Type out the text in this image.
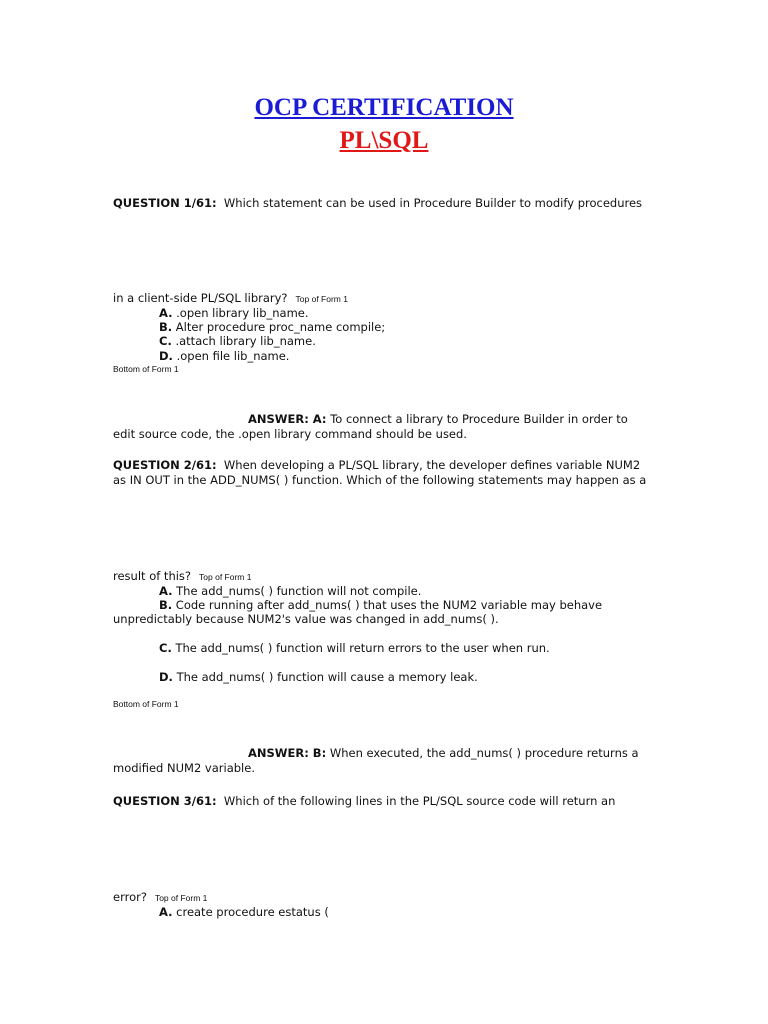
OCP CERTIFICATION
PL\SQL
QUESTION 1/61: Which statement can be used in Procedure Builder to modify procedures
in a client-side PL/SQL library? Top of Form 1
A. .open library lib_name.
B. Alter procedure proc_name compile;
C. .attach library lib_name.
D. .open file lib_name.
Bottom of Form 1
ANSWER: A: To connect a library to Procedure Builder in order to
edit source code, the .open library command should be used.
QUESTION 2/61: When developing a PL/SQL library, the developer defines variable NUM2
as IN OUT in the ADD_NUMS( ) function. Which of the following statements may happen as a
result of this? Top of Form 1
A. The add_nums( ) function will not compile.
B. Code running after add_nums( ) that uses the NUM2 variable may behave
unpredictably because NUM2's value was changed in add_nums( ).
C. The add_nums( ) function will return errors to the user when run.
D. The add_nums( ) function will cause a memory leak.
Bottom of Form 1
ANSWER: B: When executed, the add_nums( ) procedure returns a
modified NUM2 variable.
QUESTION 3/61: Which of the following lines in the PL/SQL source code will return an
error? Top of Form 1
A. create procedure estatus (
